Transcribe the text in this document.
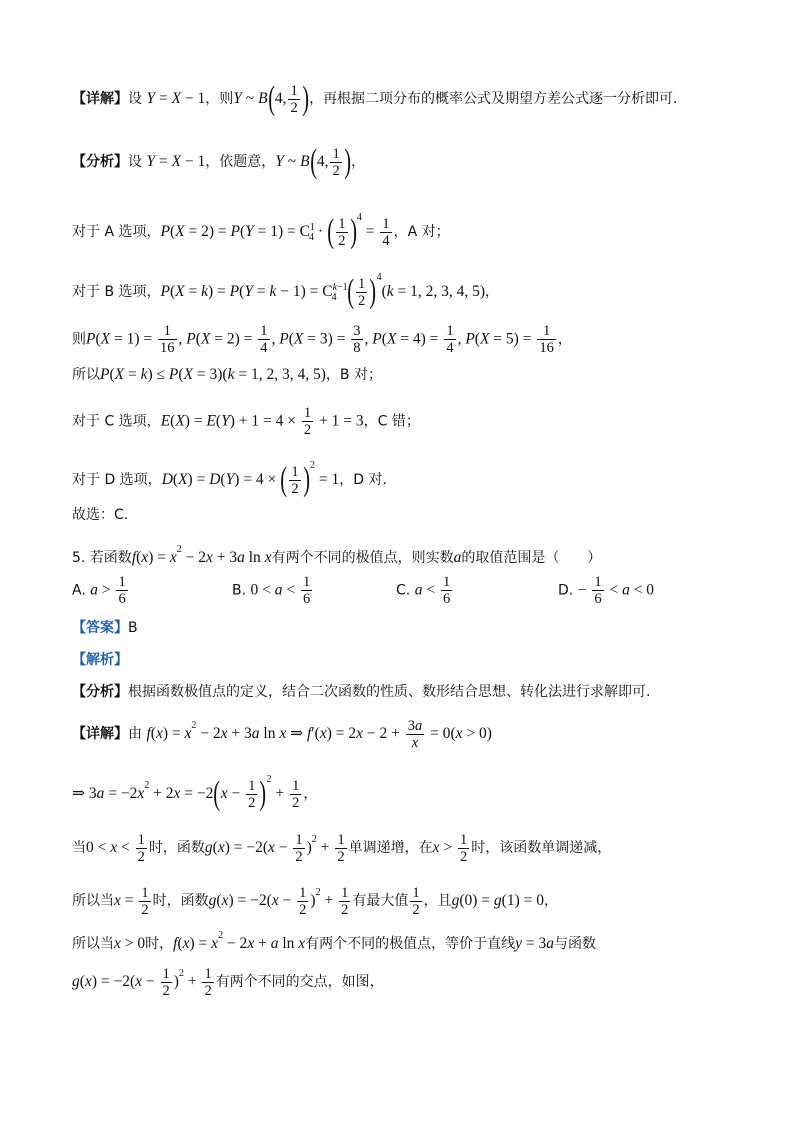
【详解】设 Y = X − 1，则Y ~ B(4, $\frac{1}{2}$ )，再根据二项分布的概率公式及期望方差公式逐一分析即可．
【分析】设 Y = X − 1，依题意，Y ~ B(4, $\frac{1}{2}$ )，
对于 A 选项，$P(X = 2) = P(Y = 1) = C^1_4$ · ( $\frac{1}{2} )^4 = \frac{1}{4}$ ，A 对；
对于 B 选项，$P(X = k) = P(Y = k - 1) = C^{k-1}_4$ ( $\frac{1}{2} )^4(k = 1$, 2, 3, 4, 5)，
则$P(X = 1) = \frac{1}{16}$ , $P(X = 2) = \frac{1}{4}$ , $P(X = 3) = \frac{3}{8}$ , $P(X = 4) = \frac{1}{4}$ , $P(X = 5) = \frac{1}{16}$ ，
所以P(X = k) ≤ P(X = 3)(k = 1, 2, 3, 4, 5)，B 对；
对于 C 选项，$E(X) = E(Y) + 1 = 4 \times \frac{1}{2} + 1 = 3$，C 错；
对于 D 选项，D(X) = D(Y) = 4 × ( $\frac{1}{2} )^2 = 1$，D 对.
故选：C.
5. 若函数$f(x) = x^2 - 2x + 3a$ ln x有两个不同的极值点，则实数a的取值范围是（　　）
A. $a > \frac{1}{6}$	B. $0 < a < \frac{1}{6}$	C. $a < \frac{1}{6}$	D. − $\frac{1}{6} < a < 0$
【答案】B
【解析】
【分析】根据函数极值点的定义，结合二次函数的性质、数形结合思想、转化法进行求解即可.
【详解】由 $f(x) = x^2 - 2x + 3a$ ln x ⇒ $f'(x) = 2x - 2 + \frac{3a}{x} = 0(x > 0)$
⇒ $3a = -2x^2 + 2x = -2(x - \frac{1}{2} )^2 + \frac{1}{2}$ ，
当$0 < x < \frac{1}{2}$ 时，函数$g(x) = -2(x - \frac{1}{2} )^2 + \frac{1}{2}$ 单调递增，在$x > \frac{1}{2}$ 时，该函数单调递减，
所以当$x = \frac{1}{2}$ 时，函数$g(x) = -2(x - \frac{1}{2} )^2 + \frac{1}{2}$ 有最大值 $\frac{1}{2}$ ，且g(0) = g(1) = 0，
所以当x > 0时，$f(x) = x^2 - 2x + a$ ln x有两个不同的极值点，等价于直线y = 3a与函数
$g(x) = -2(x - \frac{1}{2} )^2 + \frac{1}{2}$ 有两个不同的交点，如图，
